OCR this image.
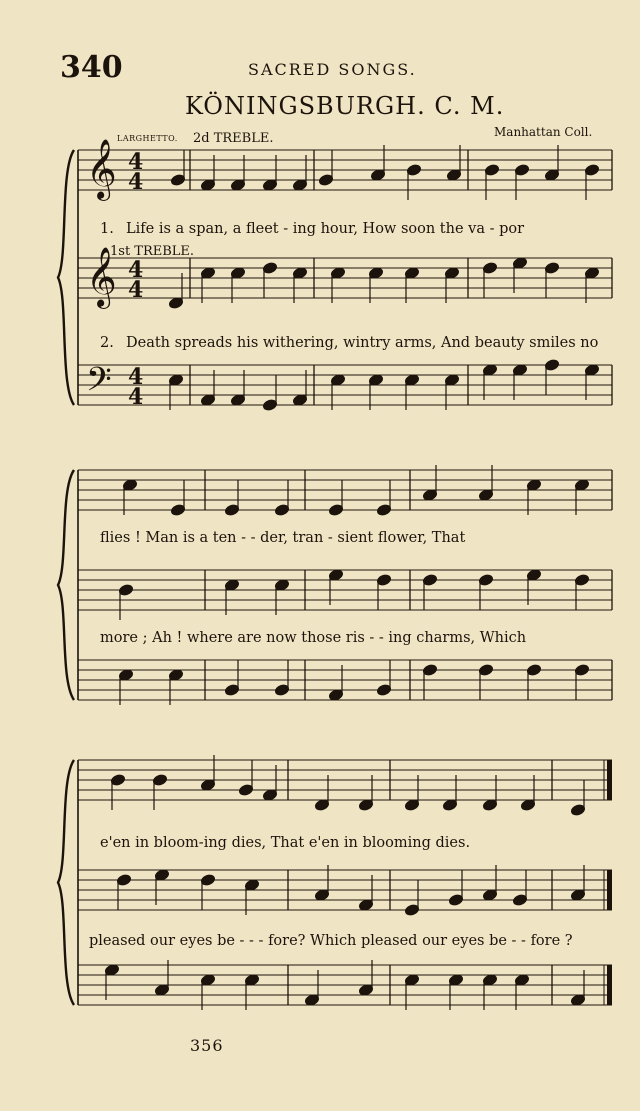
340	SACRED SONGS.
KÖNINGSBURGH. C. M.
LARGHETTO. 2d TREBLE.	Manhattan Coll.
𝄞 4
4
𝄞 4
4
𝄢 4
4
1. Life is a span, a fleet - ing hour, How soon the va - por
1st TREBLE.
2. Death spreads his withering, wintry arms, And beauty smiles no
flies ! Man is a ten - - der, tran - sient flower, That
more ; Ah ! where are now those ris - - ing charms, Which
e'en in bloom-ing dies, That e'en in blooming dies.
pleased our eyes be - - - fore? Which pleased our eyes be - - fore ?
356
